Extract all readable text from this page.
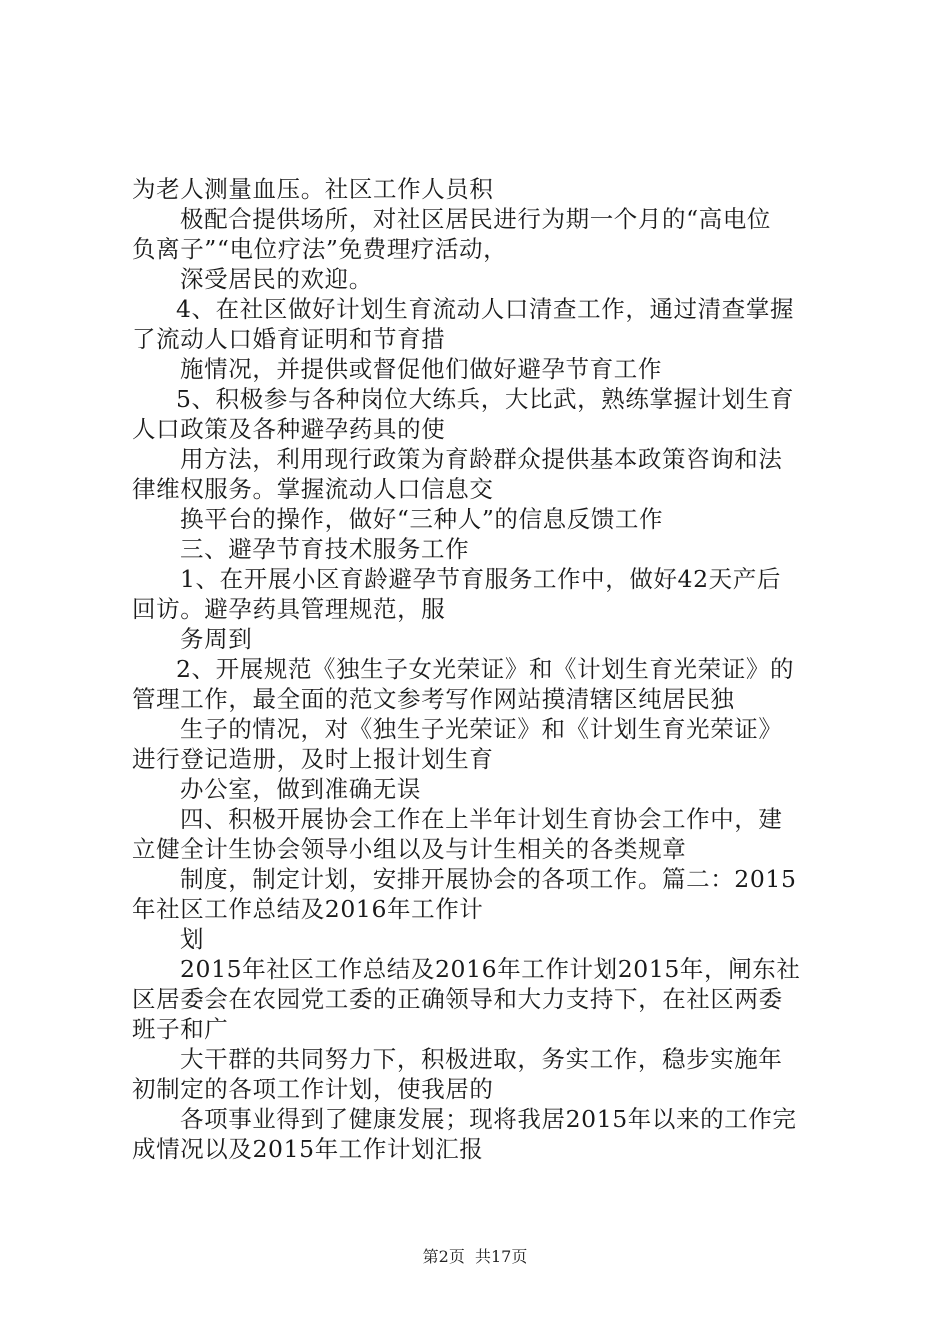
为老人测量血压。社区工作人员积
极配合提供场所，对社区居民进行为期一个月的“高电位
负离子”“电位疗法”免费理疗活动，
深受居民的欢迎。
4、在社区做好计划生育流动人口清查工作，通过清查掌握
了流动人口婚育证明和节育措
施情况，并提供或督促他们做好避孕节育工作
5、积极参与各种岗位大练兵，大比武，熟练掌握计划生育
人口政策及各种避孕药具的使
用方法，利用现行政策为育龄群众提供基本政策咨询和法
律维权服务。掌握流动人口信息交
换平台的操作，做好“三种人”的信息反馈工作
三、避孕节育技术服务工作
1、在开展小区育龄避孕节育服务工作中，做好42天产后
回访。避孕药具管理规范，服
务周到
2、开展规范《独生子女光荣证》和《计划生育光荣证》的
管理工作，最全面的范文参考写作网站摸清辖区纯居民独
生子的情况，对《独生子光荣证》和《计划生育光荣证》
进行登记造册，及时上报计划生育
办公室，做到准确无误
四、积极开展协会工作在上半年计划生育协会工作中，建
立健全计生协会领导小组以及与计生相关的各类规章
制度，制定计划，安排开展协会的各项工作。篇二：2015
年社区工作总结及2016年工作计
划
2015年社区工作总结及2016年工作计划2015年，闸东社
区居委会在农园党工委的正确领导和大力支持下，在社区两委
班子和广
大干群的共同努力下，积极进取，务实工作，稳步实施年
初制定的各项工作计划，使我居的
各项事业得到了健康发展；现将我居2015年以来的工作完
成情况以及2015年工作计划汇报
第2页  共17页
